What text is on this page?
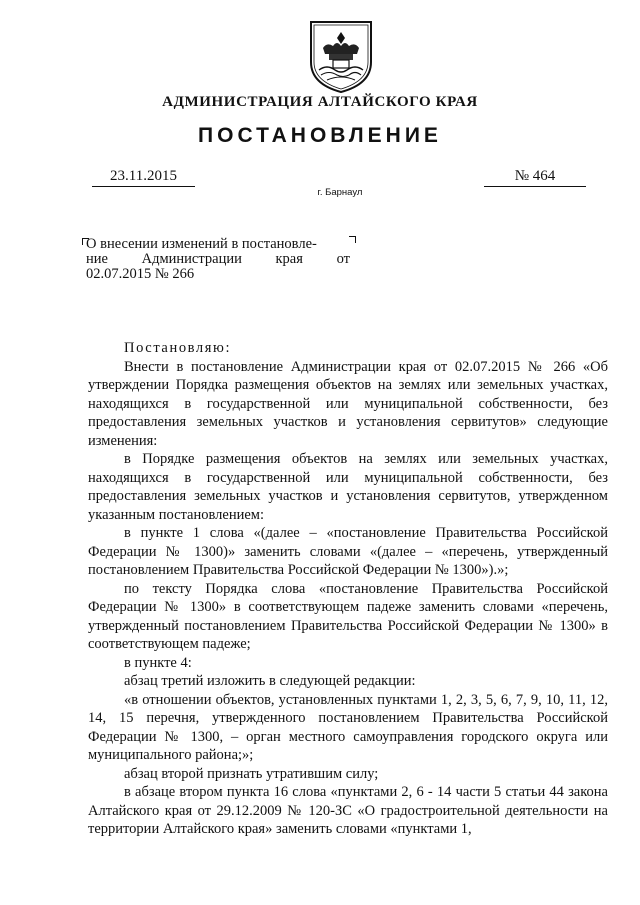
АДМИНИСТРАЦИЯ АЛТАЙСКОГО КРАЯ
ПОСТАНОВЛЕНИЕ
23.11.2015	№ 464
г. Барнаул
О внесении изменений в постановле-
ние Администрации края от
02.07.2015 № 266

Постановляю:

Внести в постановление Администрации края от 02.07.2015 № 266 «Об утверждении Порядка размещения объектов на землях или земельных участках, находящихся в государственной или муниципальной собственности, без предоставления земельных участков и установления сервитутов» следующие изменения:

в Порядке размещения объектов на землях или земельных участках, находящихся в государственной или муниципальной собственности, без предоставления земельных участков и установления сервитутов, утвержденном указанным постановлением:

в пункте 1 слова «(далее – «постановление Правительства Российской Федерации № 1300)» заменить словами «(далее – «перечень, утвержденный постановлением Правительства Российской Федерации № 1300»).»;

по тексту Порядка слова «постановление Правительства Российской Федерации № 1300» в соответствующем падеже заменить словами «перечень, утвержденный постановлением Правительства Российской Федерации № 1300» в соответствующем падеже;

в пункте 4:

абзац третий изложить в следующей редакции:

«в отношении объектов, установленных пунктами 1, 2, 3, 5, 6, 7, 9, 10, 11, 12, 14, 15 перечня, утвержденного постановлением Правительства Российской Федерации № 1300, – орган местного самоуправления городского округа или муниципального района;»;

абзац второй признать утратившим силу;

в абзаце втором пункта 16 слова «пунктами 2, 6 - 14 части 5 статьи 44 закона Алтайского края от 29.12.2009 № 120-ЗС «О градостроительной деятельности на территории Алтайского края» заменить словами «пунктами 1,
